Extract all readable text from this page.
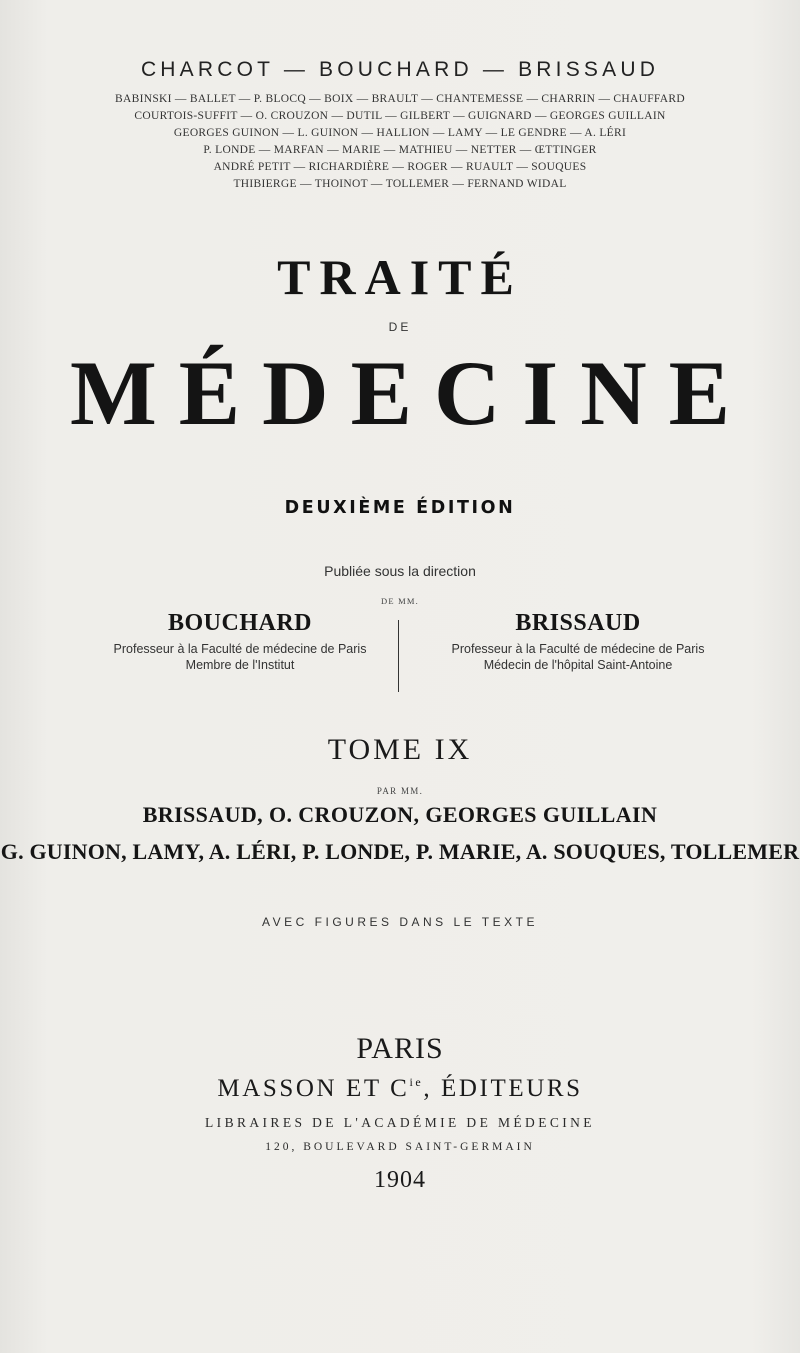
CHARCOT — BOUCHARD — BRISSAUD
BABINSKI — BALLET — P. BLOCQ — BOIX — BRAULT — CHANTEMESSE — CHARRIN — CHAUFFARD
COURTOIS-SUFFIT — O. CROUZON — DUTIL — GILBERT — GUIGNARD — GEORGES GUILLAIN
GEORGES GUINON — L. GUINON — HALLION — LAMY — LE GENDRE — A. LÉRI
P. LONDE — MARFAN — MARIE — MATHIEU — NETTER — ŒTTINGER
ANDRÉ PETIT — RICHARDIÈRE — ROGER — RUAULT — SOUQUES
THIBIERGE — THOINOT — TOLLEMER — FERNAND WIDAL
TRAITÉ
DE
MÉDECINE
DEUXIÈME ÉDITION
Publiée sous la direction
DE MM.
BOUCHARD
Professeur à la Faculté de médecine de Paris
Membre de l'Institut
BRISSAUD
Professeur à la Faculté de médecine de Paris
Médecin de l'hôpital Saint-Antoine
TOME IX
PAR MM.
BRISSAUD, O. CROUZON, GEORGES GUILLAIN
G. GUINON, LAMY, A. LÉRI, P. LONDE, P. MARIE, A. SOUQUES, TOLLEMER
AVEC FIGURES DANS LE TEXTE
PARIS
MASSON ET $C^{ie}$, ÉDITEURS
LIBRAIRES DE L'ACADÉMIE DE MÉDECINE
120, BOULEVARD SAINT-GERMAIN
1904
